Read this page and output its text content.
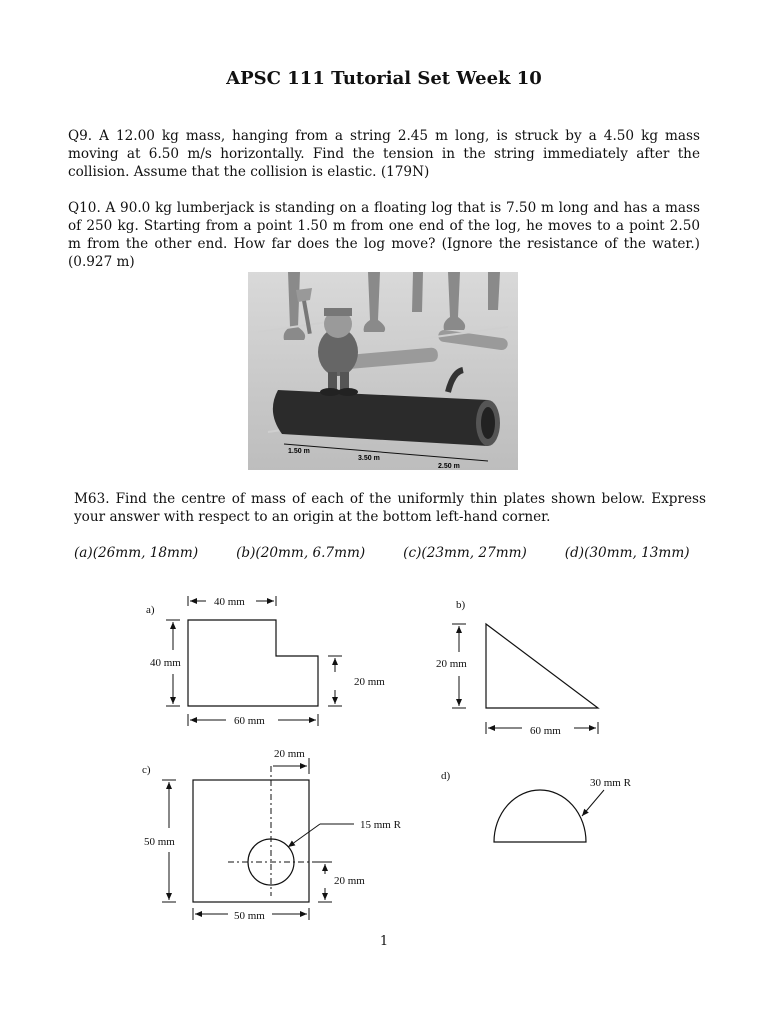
APSC 111 Tutorial Set Week 10
Q9. A 12.00 kg mass, hanging from a string 2.45 m long, is struck by a 4.50 kg mass moving at 6.50 m/s horizontally. Find the tension in the string immediately after the collision. Assume that the collision is elastic. (179N)
Q10. A 90.0 kg lumberjack is standing on a floating log that is 7.50 m long and has a mass of 250 kg. Starting from a point 1.50 m from one end of the log, he moves to a point 2.50 m from the other end. How far does the log move? (Ignore the resistance of the water.) (0.927 m)
1.50 m
3.50 m
2.50 m
M63. Find the centre of mass of each of the uniformly thin plates shown below. Express your answer with respect to an origin at the bottom left-hand corner.
(a)(26mm, 18mm)	(b)(20mm, 6.7mm)	(c)(23mm, 27mm)	(d)(30mm, 13mm)
a)
40 mm
40 mm
20 mm
60 mm
b)
20 mm
60 mm
c)
20 mm
50 mm
15 mm R
20 mm
50 mm
d)
30 mm R
1
